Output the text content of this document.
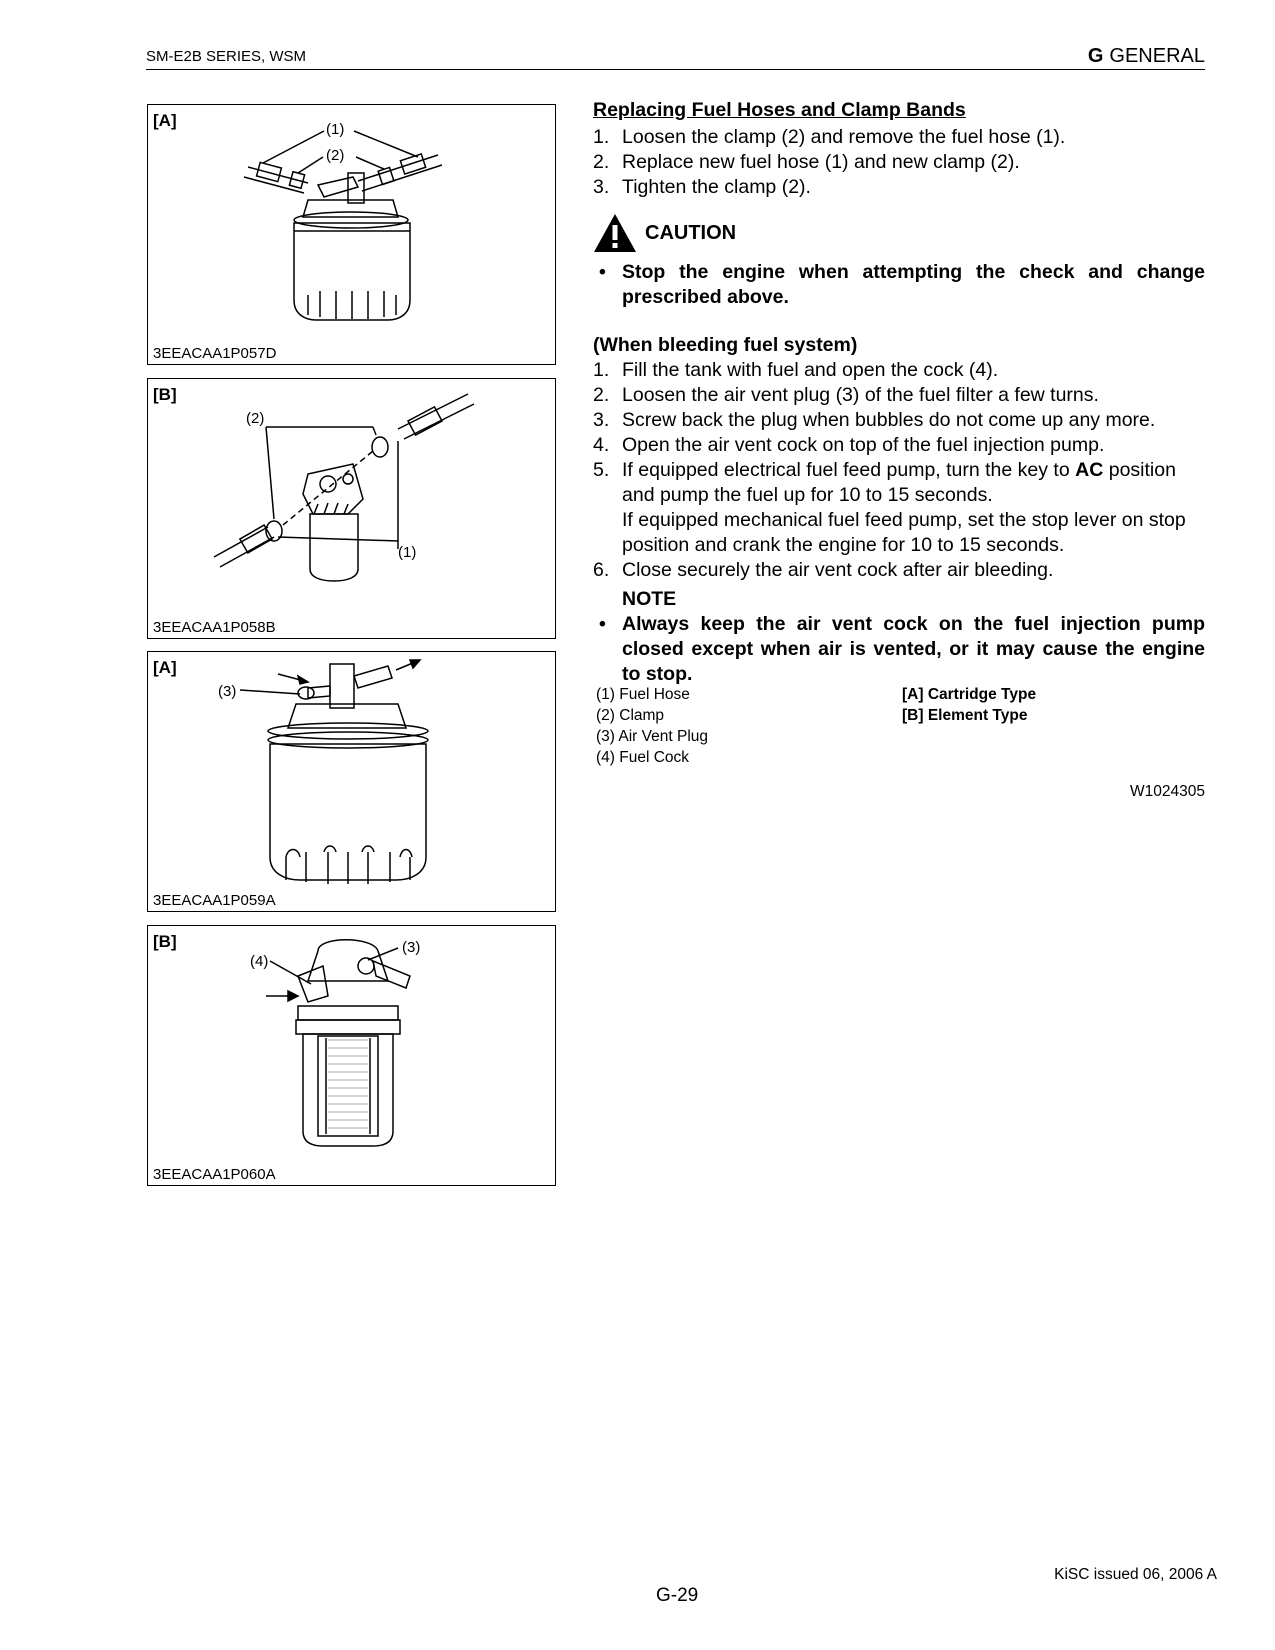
SM-E2B SERIES, WSM	G GENERAL
(1)
(2)
[A]
3EEACAA1P057D
(2)
(1)
[B]
3EEACAA1P058B
(3)
[A]
3EEACAA1P059A
(4)
(3)
[B]
3EEACAA1P060A
Replacing Fuel Hoses and Clamp Bands
1. Loosen the clamp (2) and remove the fuel hose (1).
2. Replace new fuel hose (1) and new clamp (2).
3. Tighten the clamp (2).
CAUTION
• Stop the engine when attempting the check and change prescribed above.
(When bleeding fuel system)
1. Fill the tank with fuel and open the cock (4).
2. Loosen the air vent plug (3) of the fuel filter a few turns.
3. Screw back the plug when bubbles do not come up any more.
4. Open the air vent cock on top of the fuel injection pump.
5. If equipped electrical fuel feed pump, turn the key to AC position and pump the fuel up for 10 to 15 seconds.
If equipped mechanical fuel feed pump, set the stop lever on stop position and crank the engine for 10 to 15 seconds.
6. Close securely the air vent cock after air bleeding.
NOTE
• Always keep the air vent cock on the fuel injection pump closed except when air is vented, or it may cause the engine to stop.
(1) Fuel Hose
(2) Clamp
(3) Air Vent Plug
(4) Fuel Cock
[A] Cartridge Type
[B] Element Type
W1024305
KiSC issued 06, 2006 A
G-29
